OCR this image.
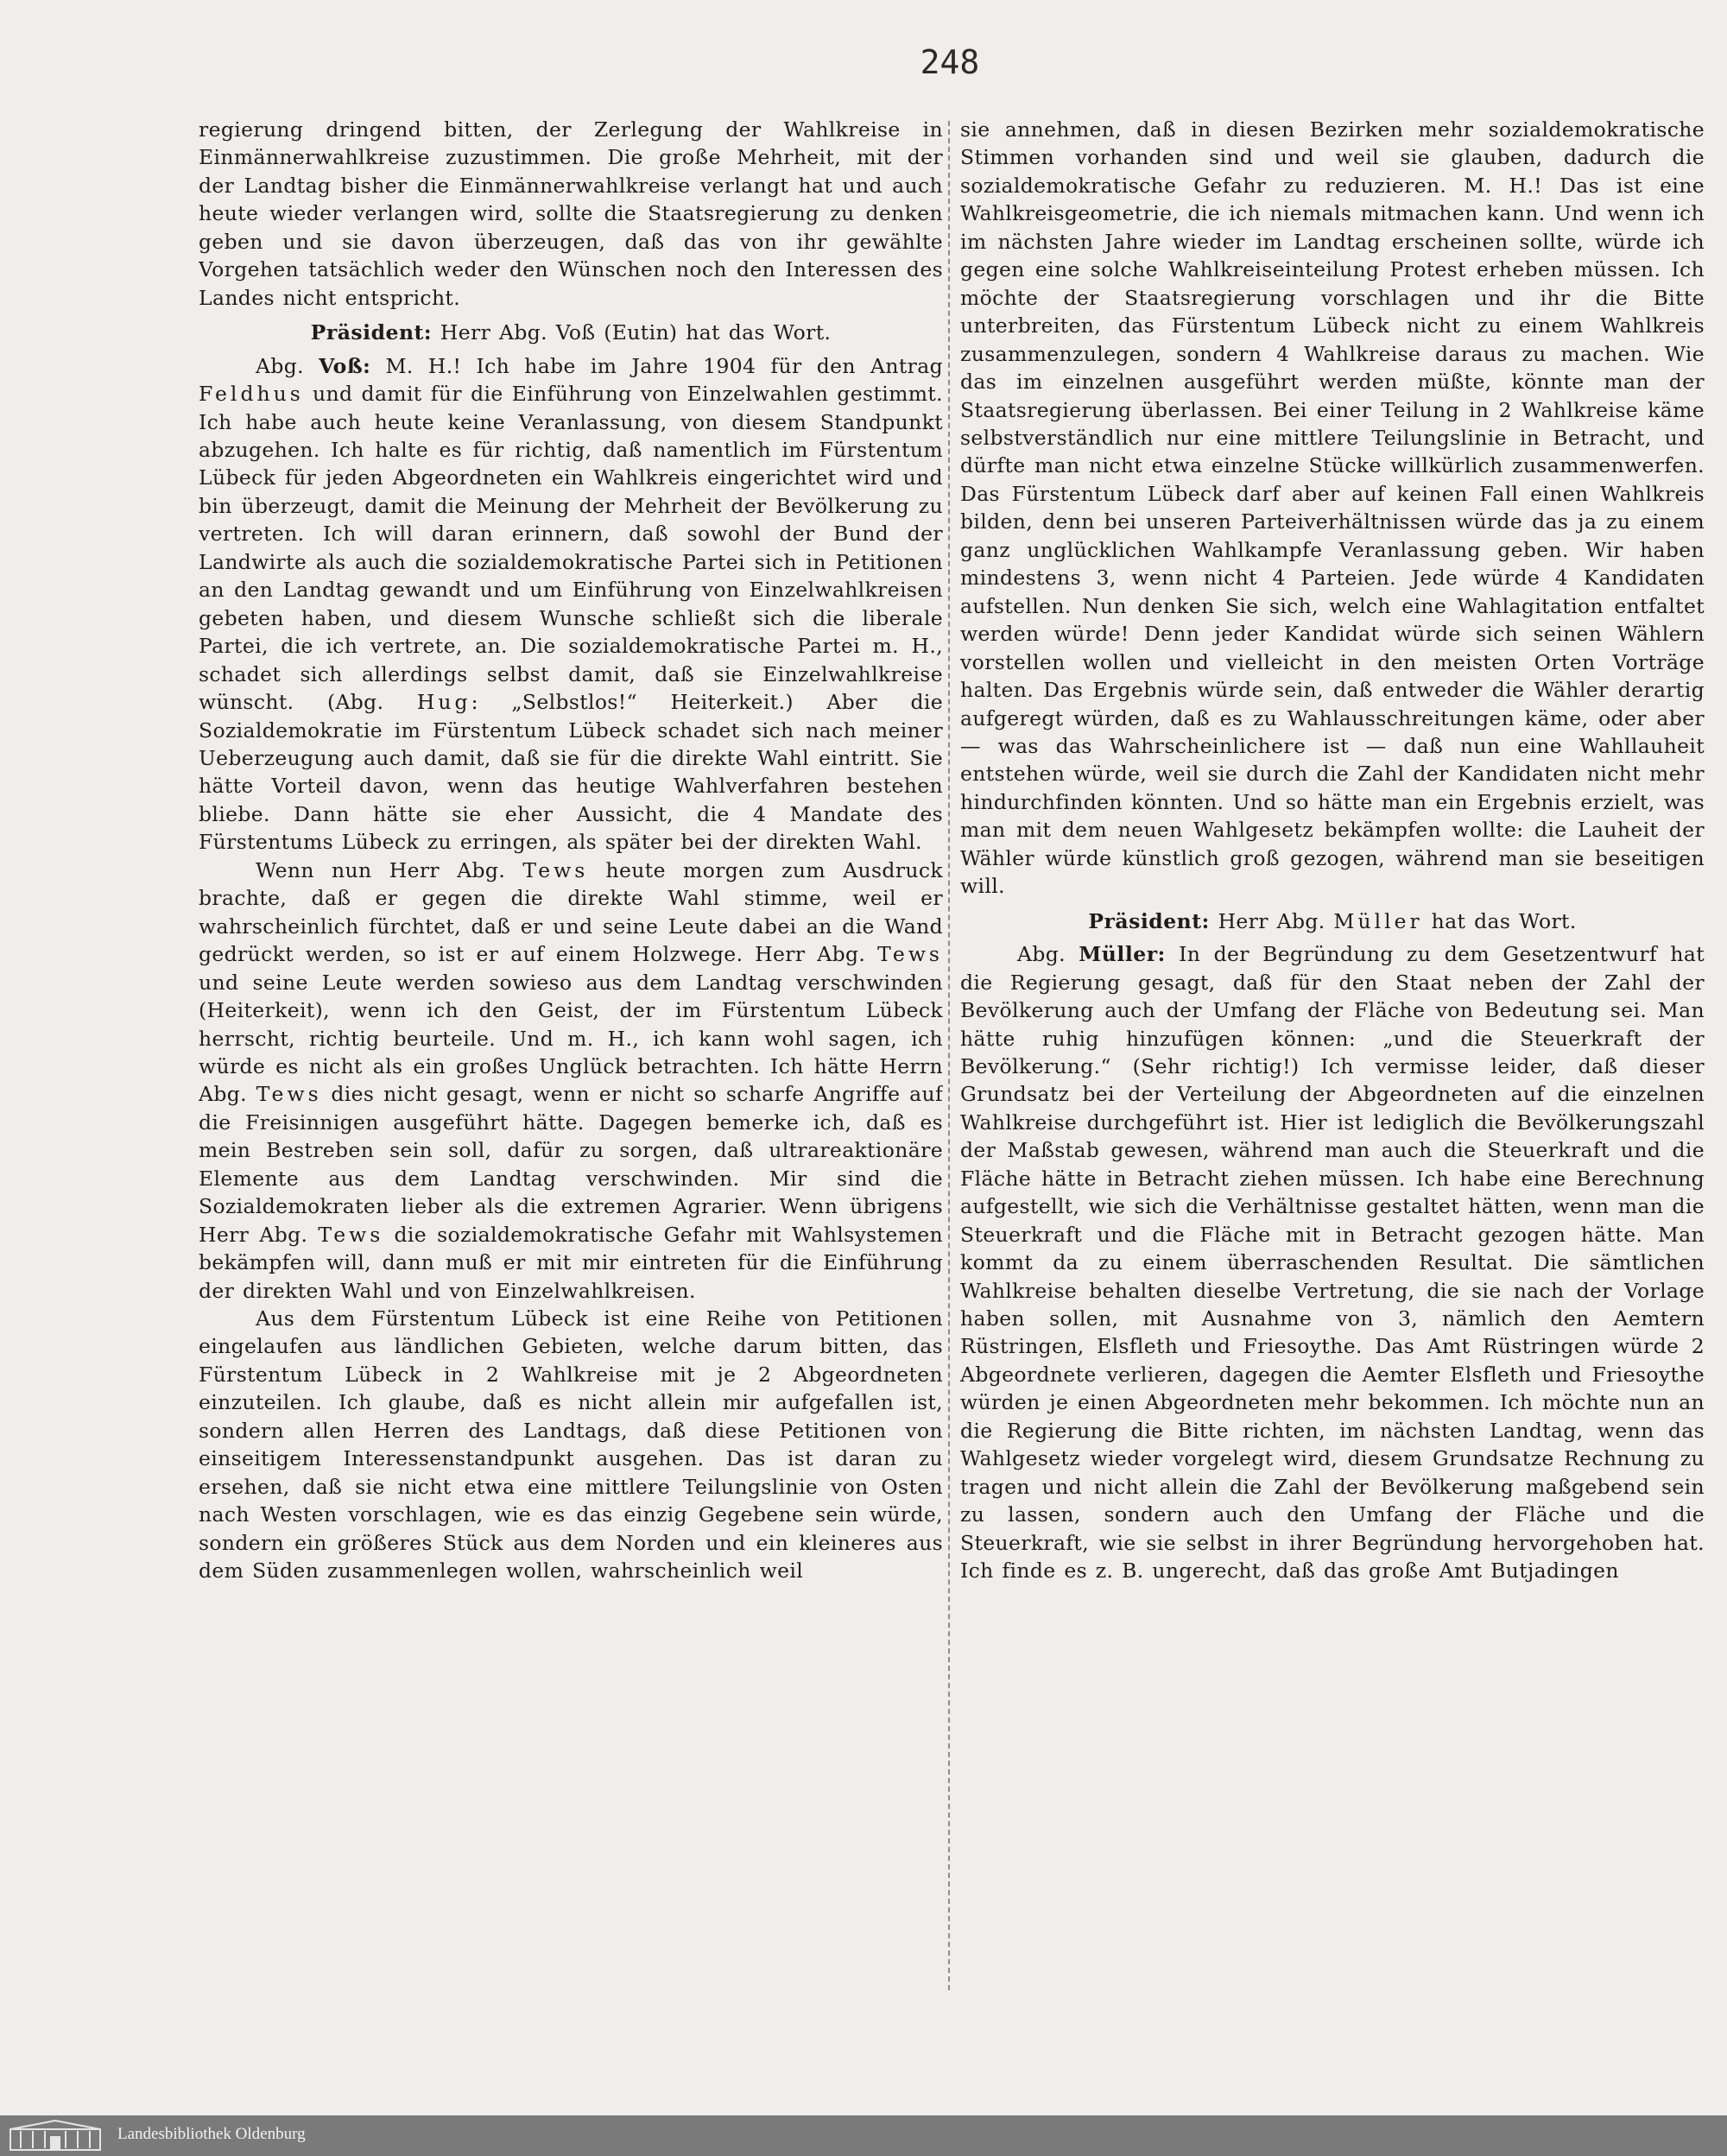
248

regierung dringend bitten, der Zerlegung der Wahlkreise in Einmännerwahlkreise zuzustimmen. Die große Mehrheit, mit der der Landtag bisher die Einmännerwahlkreise verlangt hat und auch heute wieder verlangen wird, sollte die Staatsregierung zu denken geben und sie davon überzeugen, daß das von ihr gewählte Vorgehen tatsächlich weder den Wünschen noch den Interessen des Landes nicht entspricht.

Präsident: Herr Abg. Voß (Eutin) hat das Wort.

Abg. Voß: M. H.! Ich habe im Jahre 1904 für den Antrag Feldhus und damit für die Einführung von Einzelwahlen gestimmt. Ich habe auch heute keine Veranlassung, von diesem Standpunkt abzugehen. Ich halte es für richtig, daß namentlich im Fürstentum Lübeck für jeden Abgeordneten ein Wahlkreis eingerichtet wird und bin überzeugt, damit die Meinung der Mehrheit der Bevölkerung zu vertreten. Ich will daran erinnern, daß sowohl der Bund der Landwirte als auch die sozialdemokratische Partei sich in Petitionen an den Landtag gewandt und um Einführung von Einzelwahlkreisen gebeten haben, und diesem Wunsche schließt sich die liberale Partei, die ich vertrete, an. Die sozialdemokratische Partei m. H., schadet sich allerdings selbst damit, daß sie Einzelwahlkreise wünscht. (Abg. Hug: „Selbstlos!“ Heiterkeit.) Aber die Sozialdemokratie im Fürstentum Lübeck schadet sich nach meiner Ueberzeugung auch damit, daß sie für die direkte Wahl eintritt. Sie hätte Vorteil davon, wenn das heutige Wahlverfahren bestehen bliebe. Dann hätte sie eher Aussicht, die 4 Mandate des Fürstentums Lübeck zu erringen, als später bei der direkten Wahl.

Wenn nun Herr Abg. Tews heute morgen zum Ausdruck brachte, daß er gegen die direkte Wahl stimme, weil er wahrscheinlich fürchtet, daß er und seine Leute dabei an die Wand gedrückt werden, so ist er auf einem Holzwege. Herr Abg. Tews und seine Leute werden sowieso aus dem Landtag verschwinden (Heiterkeit), wenn ich den Geist, der im Fürstentum Lübeck herrscht, richtig beurteile. Und m. H., ich kann wohl sagen, ich würde es nicht als ein großes Unglück betrachten. Ich hätte Herrn Abg. Tews dies nicht gesagt, wenn er nicht so scharfe Angriffe auf die Freisinnigen ausgeführt hätte. Dagegen bemerke ich, daß es mein Bestreben sein soll, dafür zu sorgen, daß ultrareaktionäre Elemente aus dem Landtag verschwinden. Mir sind die Sozialdemokraten lieber als die extremen Agrarier. Wenn übrigens Herr Abg. Tews die sozialdemokratische Gefahr mit Wahlsystemen bekämpfen will, dann muß er mit mir eintreten für die Einführung der direkten Wahl und von Einzelwahlkreisen.

Aus dem Fürstentum Lübeck ist eine Reihe von Petitionen eingelaufen aus ländlichen Gebieten, welche darum bitten, das Fürstentum Lübeck in 2 Wahlkreise mit je 2 Abgeordneten einzuteilen. Ich glaube, daß es nicht allein mir aufgefallen ist, sondern allen Herren des Landtags, daß diese Petitionen von einseitigem Interessenstandpunkt ausgehen. Das ist daran zu ersehen, daß sie nicht etwa eine mittlere Teilungslinie von Osten nach Westen vorschlagen, wie es das einzig Gegebene sein würde, sondern ein größeres Stück aus dem Norden und ein kleineres aus dem Süden zusammenlegen wollen, wahrscheinlich weil

sie annehmen, daß in diesen Bezirken mehr sozialdemokratische Stimmen vorhanden sind und weil sie glauben, dadurch die sozialdemokratische Gefahr zu reduzieren. M. H.! Das ist eine Wahlkreisgeometrie, die ich niemals mitmachen kann. Und wenn ich im nächsten Jahre wieder im Landtag erscheinen sollte, würde ich gegen eine solche Wahlkreiseinteilung Protest erheben müssen. Ich möchte der Staatsregierung vorschlagen und ihr die Bitte unterbreiten, das Fürstentum Lübeck nicht zu einem Wahlkreis zusammenzulegen, sondern 4 Wahlkreise daraus zu machen. Wie das im einzelnen ausgeführt werden müßte, könnte man der Staatsregierung überlassen. Bei einer Teilung in 2 Wahlkreise käme selbstverständlich nur eine mittlere Teilungslinie in Betracht, und dürfte man nicht etwa einzelne Stücke willkürlich zusammenwerfen. Das Fürstentum Lübeck darf aber auf keinen Fall einen Wahlkreis bilden, denn bei unseren Parteiverhältnissen würde das ja zu einem ganz unglücklichen Wahlkampfe Veranlassung geben. Wir haben mindestens 3, wenn nicht 4 Parteien. Jede würde 4 Kandidaten aufstellen. Nun denken Sie sich, welch eine Wahlagitation entfaltet werden würde! Denn jeder Kandidat würde sich seinen Wählern vorstellen wollen und vielleicht in den meisten Orten Vorträge halten. Das Ergebnis würde sein, daß entweder die Wähler derartig aufgeregt würden, daß es zu Wahlausschreitungen käme, oder aber — was das Wahrscheinlichere ist — daß nun eine Wahllauheit entstehen würde, weil sie durch die Zahl der Kandidaten nicht mehr hindurchfinden könnten. Und so hätte man ein Ergebnis erzielt, was man mit dem neuen Wahlgesetz bekämpfen wollte: die Lauheit der Wähler würde künstlich groß gezogen, während man sie beseitigen will.

Präsident: Herr Abg. Müller hat das Wort.

Abg. Müller: In der Begründung zu dem Gesetzentwurf hat die Regierung gesagt, daß für den Staat neben der Zahl der Bevölkerung auch der Umfang der Fläche von Bedeutung sei. Man hätte ruhig hinzufügen können: „und die Steuerkraft der Bevölkerung.“ (Sehr richtig!) Ich vermisse leider, daß dieser Grundsatz bei der Verteilung der Abgeordneten auf die einzelnen Wahlkreise durchgeführt ist. Hier ist lediglich die Bevölkerungszahl der Maßstab gewesen, während man auch die Steuerkraft und die Fläche hätte in Betracht ziehen müssen. Ich habe eine Berechnung aufgestellt, wie sich die Verhältnisse gestaltet hätten, wenn man die Steuerkraft und die Fläche mit in Betracht gezogen hätte. Man kommt da zu einem überraschenden Resultat. Die sämtlichen Wahlkreise behalten dieselbe Vertretung, die sie nach der Vorlage haben sollen, mit Ausnahme von 3, nämlich den Aemtern Rüstringen, Elsfleth und Friesoythe. Das Amt Rüstringen würde 2 Abgeordnete verlieren, dagegen die Aemter Elsfleth und Friesoythe würden je einen Abgeordneten mehr bekommen. Ich möchte nun an die Regierung die Bitte richten, im nächsten Landtag, wenn das Wahlgesetz wieder vorgelegt wird, diesem Grundsatze Rechnung zu tragen und nicht allein die Zahl der Bevölkerung maßgebend sein zu lassen, sondern auch den Umfang der Fläche und die Steuerkraft, wie sie selbst in ihrer Begründung hervorgehoben hat. Ich finde es z. B. ungerecht, daß das große Amt Butjadingen

Landesbibliothek Oldenburg
